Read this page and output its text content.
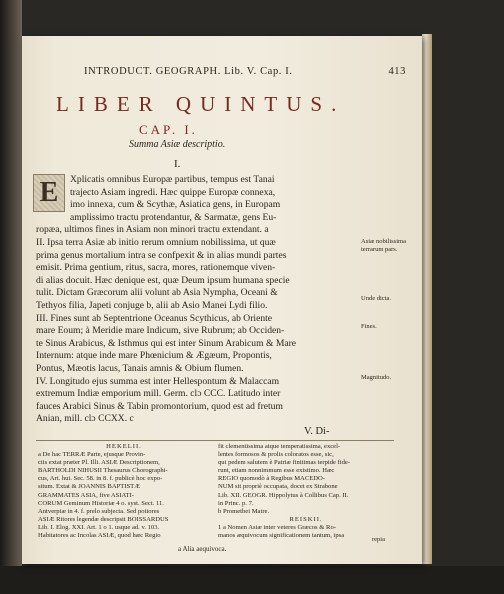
INTRODUCT. GEOGRAPH. Lib. V. Cap. I.	413
LIBER QUINTUS.
CAP. I.
Summa Asiæ descriptio.
I.
E	Xplicatis omnibus Europæ partibus, tempus est Tanai
trajecto Asiam ingredi. Hæc quippe Europæ connexa,
imo innexa, cum & Scythæ, Asiatica gens, in Europam
amplissimo tractu protendantur, & Sarmatæ, gens Eu-
ropæa, ultimos fines in Asiam non minori tractu extendant. a
II. Ipsa terra Asiæ ab initio rerum omnium nobilissima, ut quæ
prima genus mortalium intra se confpexit & in alias mundi partes
emisit. Prima gentium, ritus, sacra, mores, rationemque viven-
di alias docuit. Hæc denique est, quæ Deum ipsum humana specie
tulit. Dictam Græcorum alii volunt ab Asia Nympha, Oceani &
Tethyos filia, Japeti conjuge b, alii ab Asio Manei Lydi filio.
III. Fines sunt ab Septentrione Oceanus Scythicus, ab Oriente
mare Eoum; à Meridie mare Indicum, sive Rubrum; ab Occiden-
te Sinus Arabicus, & Isthmus qui est inter Sinum Arabicum & Mare
Internum: atque inde mare Phœnicium & Ægæum, Propontis,
Pontus, Mæotis lacus, Tanais amnis & Obium flumen.
IV. Longitudo ejus summa est inter Hellespontum & Malaccam
extremum Indiæ emporium mill. Germ. clɔ CCC. Latitudo inter
fauces Arabici Sinus & Tabin promontorium, quod est ad fretum
Anian, mill. clɔ CCXX. c
Asiæ nobilissima terrarum pars.
Unde dicta.
Fines.
Magnitudo.
V. Di-
HEKELII.
a De hac TERRÆ Parte, ejusque Provin-
ciis extat præter Pl. Illi. ASIÆ Descriptionem,
BARTHOLDI NIHUSII Thesaurus Chorographi-
cus, Art. hui. Sec. 58. in 8. f. publicè hoc expo-
situm. Extat & JOANNIS BAPTISTÆ
GRAMMATES ASIA, five ASIATI-
CORUM Geminum Historiæ 4 o. syst. Sect. 11.
Antverpiæ in 4. f. prelo subjecta. Sed potiores
ASIÆ Ritores legendæ descripsit BOISSARDUS
Lib. I. Elog. XXI. Art. 1 o 1. usque ad. v. 103.
Habitatores ac Incolas ASIÆ, quod hæc Regio
fit clementissima atque temperatissima, excel-
lentes formosos & prolis coloratos esse, sic,
qui pedem salutem è Patriæ finitimas terpide fide-
runt, etiam nonnimmum esse existimo. Hæc
REGIO quomodò à Regibus MACEDO-
NUM sit propriè occupata, docet ex Strabone
Lib. XII. GEOGR. Hippolytus à Collibus Cap. II.
in Princ. p. 7.
b Prometbei Matre.
REISKII.
1 a Nomen Asiæ inter veteres Græcos & Ro-
manos æquivocum significationem tantum, ipsa
repia
a Alia aequivoca.
